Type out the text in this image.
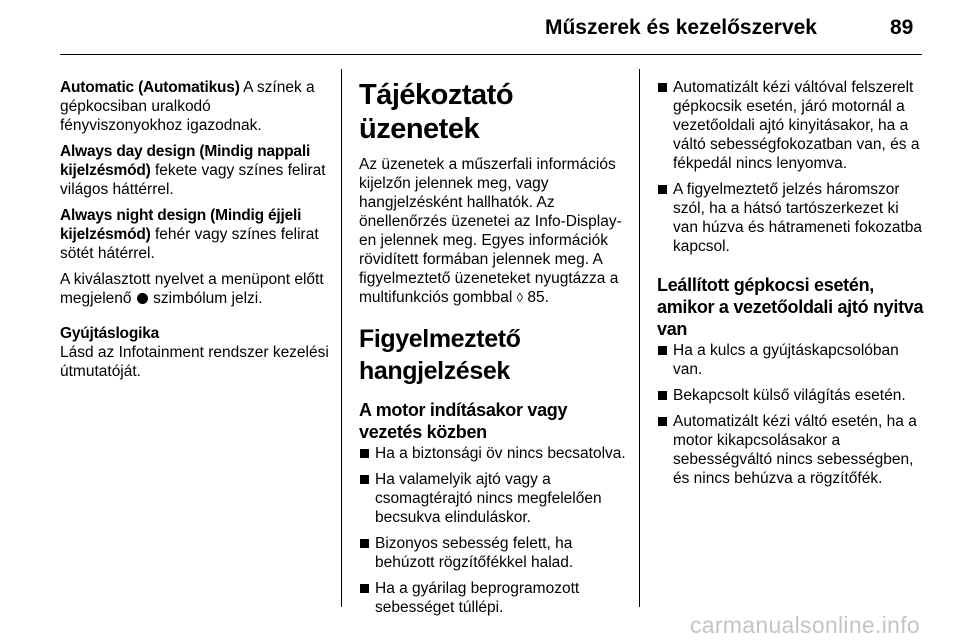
Műszerek és kezelőszervek	89

Automatic (Automatikus) A színek a gépkocsiban uralkodó fényviszonyokhoz igazodnak.

Always day design (Mindig nappali kijelzésmód) fekete vagy színes felirat világos háttérrel.

Always night design (Mindig éjjeli kijelzésmód) fehér vagy színes felirat sötét hátérrel.

A kiválasztott nyelvet a menüpont előtt megjelenő  szimbólum jelzi.

Gyújtáslogika

Lásd az Infotainment rendszer kezelési útmutatóját.

Tájékoztató üzenetek

Az üzenetek a műszerfali információs kijelzőn jelennek meg, vagy hangjelzésként hallhatók. Az önellenőrzés üzenetei az Info-Display-en jelennek meg. Egyes információk rövidített formában jelennek meg. A figyelmeztető üzeneteket nyugtázza a multifunkciós gombbal ◊ 85.

Figyelmeztető hangjelzések
A motor indításakor vagy vezetés közben
Ha a biztonsági öv nincs becsatolva.
Ha valamelyik ajtó vagy a csomagtérajtó nincs megfelelően becsukva elinduláskor.
Bizonyos sebesség felett, ha behúzott rögzítőfékkel halad.
Ha a gyárilag beprogramozott sebességet túllépi.
Automatizált kézi váltóval felszerelt gépkocsik esetén, járó motornál a vezetőoldali ajtó kinyitásakor, ha a váltó sebességfokozatban van, és a fékpedál nincs lenyomva.
A figyelmeztető jelzés háromszor szól, ha a hátsó tartószerkezet ki van húzva és hátrameneti fokozatba kapcsol.
Leállított gépkocsi esetén, amikor a vezetőoldali ajtó nyitva van
Ha a kulcs a gyújtáskapcsolóban van.
Bekapcsolt külső világítás esetén.
Automatizált kézi váltó esetén, ha a motor kikapcsolásakor a sebességváltó nincs sebességben, és nincs behúzva a rögzítőfék.
carmanualsonline.info
